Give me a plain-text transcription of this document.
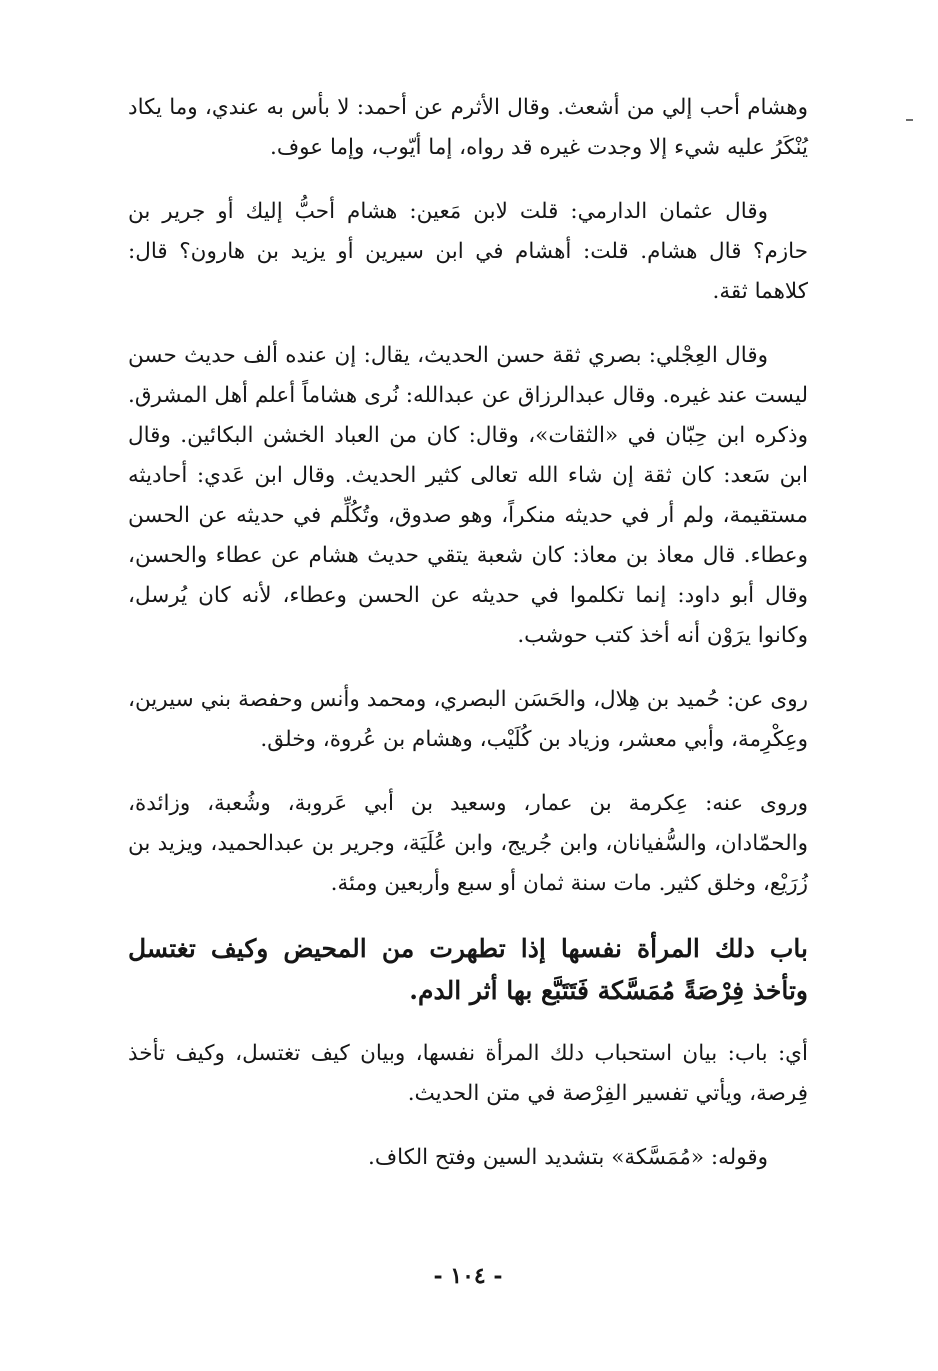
وهشام أحب إلي من أشعث. وقال الأثرم عن أحمد: لا بأس به عندي، وما يكاد يُنْكَرُ عليه شيء إلا وجدت غيره قد رواه، إما أيّوب، وإما عوف.

وقال عثمان الدارمي: قلت لابن مَعين: هشام أحبُّ إليك أو جرير بن حازم؟ قال هشام. قلت: أهشام في ابن سيرين أو يزيد بن هارون؟ قال: كلاهما ثقة.

وقال العِجْلي: بصري ثقة حسن الحديث، يقال: إن عنده ألف حديث حسن ليست عند غيره. وقال عبدالرزاق عن عبدالله: نُرى هشاماً أعلم أهل المشرق. وذكره ابن حِبّان في «الثقات»، وقال: كان من العباد الخشن البكائين. وقال ابن سَعد: كان ثقة إن شاء الله تعالى كثير الحديث. وقال ابن عَدي: أحاديثه مستقيمة، ولم أر في حديثه منكراً، وهو صدوق، وتُكُلِّم في حديثه عن الحسن وعطاء. قال معاذ بن معاذ: كان شعبة يتقي حديث هشام عن عطاء والحسن، وقال أبو داود: إنما تكلموا في حديثه عن الحسن وعطاء، لأنه كان يُرسل، وكانوا يرَوْن أنه أخذ كتب حوشب.

روى عن: حُميد بن هِلال، والحَسَن البصري، ومحمد وأنس وحفصة بني سيرين، وعِكْرِمة، وأبي معشر، وزياد بن كُلَيْب، وهشام بن عُروة، وخلق.

وروى عنه: عِكرمة بن عمار، وسعيد بن أبي عَروبة، وشُعبة، وزائدة، والحمّادان، والسُّفيانان، وابن جُريج، وابن عُلَيَة، وجرير بن عبدالحميد، ويزيد بن زُرَيْع، وخلق كثير. مات سنة ثمان أو سبع وأربعين ومئة.

باب دلك المرأة نفسها إذا تطهرت من المحيض وكيف تغتسل وتأخذ فِرْصَةً مُمَسَّكة فَتَتَبَّع بها أثر الدم.

أي: باب: بيان استحباب دلك المرأة نفسها، وبيان كيف تغتسل، وكيف تأخذ فِرصة، ويأتي تفسير الفِرْصة في متن الحديث.

وقوله: «مُمَسَّكة» بتشديد السين وفتح الكاف.

- ١٠٤ -
